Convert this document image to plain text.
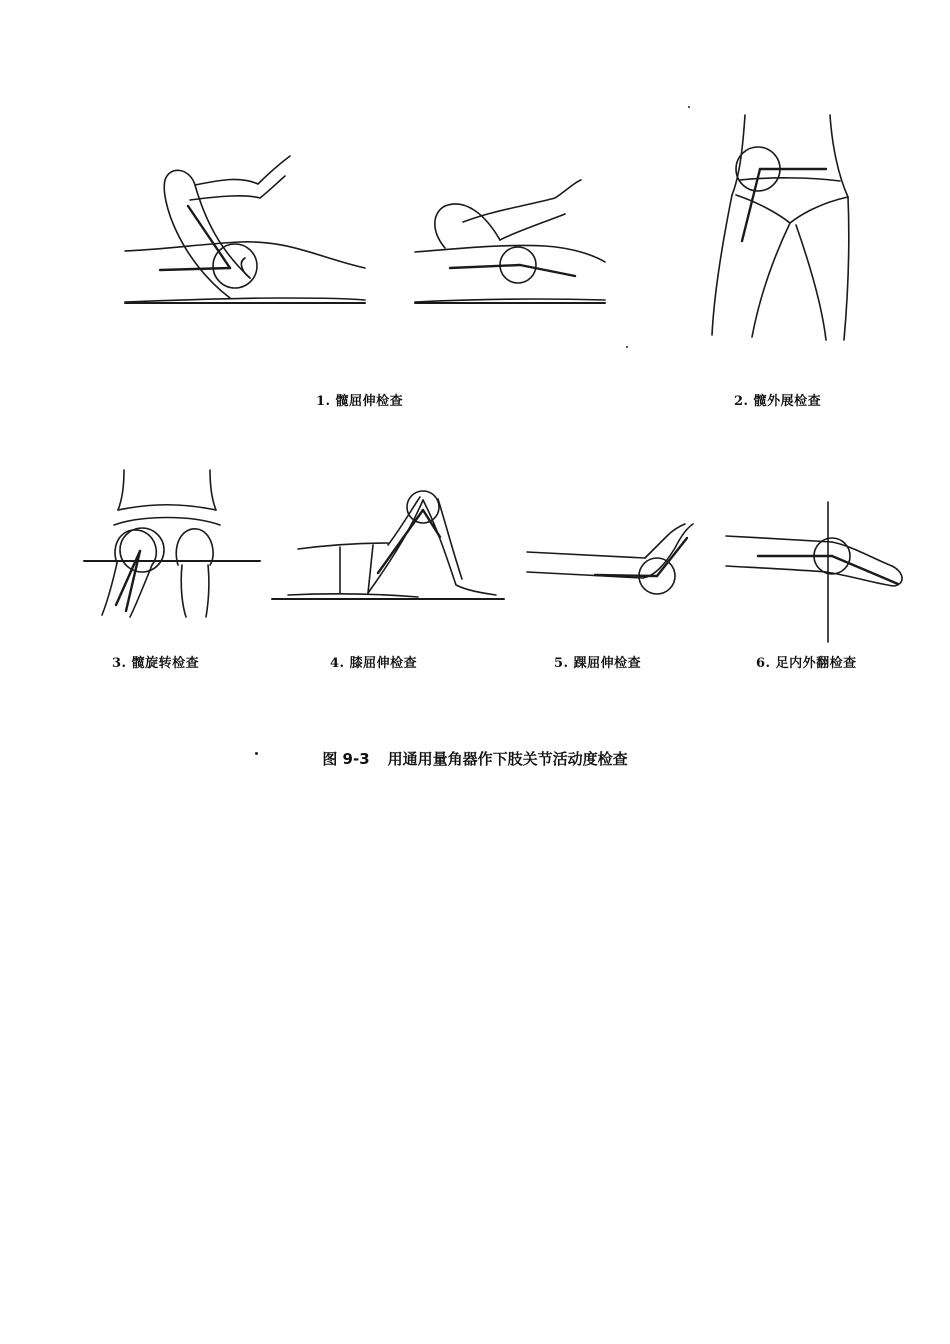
1. 髋屈伸检查	2. 髋外展检查
3. 髋旋转检查	4. 膝屈伸检查	5. 踝屈伸检查	6. 足内外翻检查
图 9-3 用通用量角器作下肢关节活动度检查
